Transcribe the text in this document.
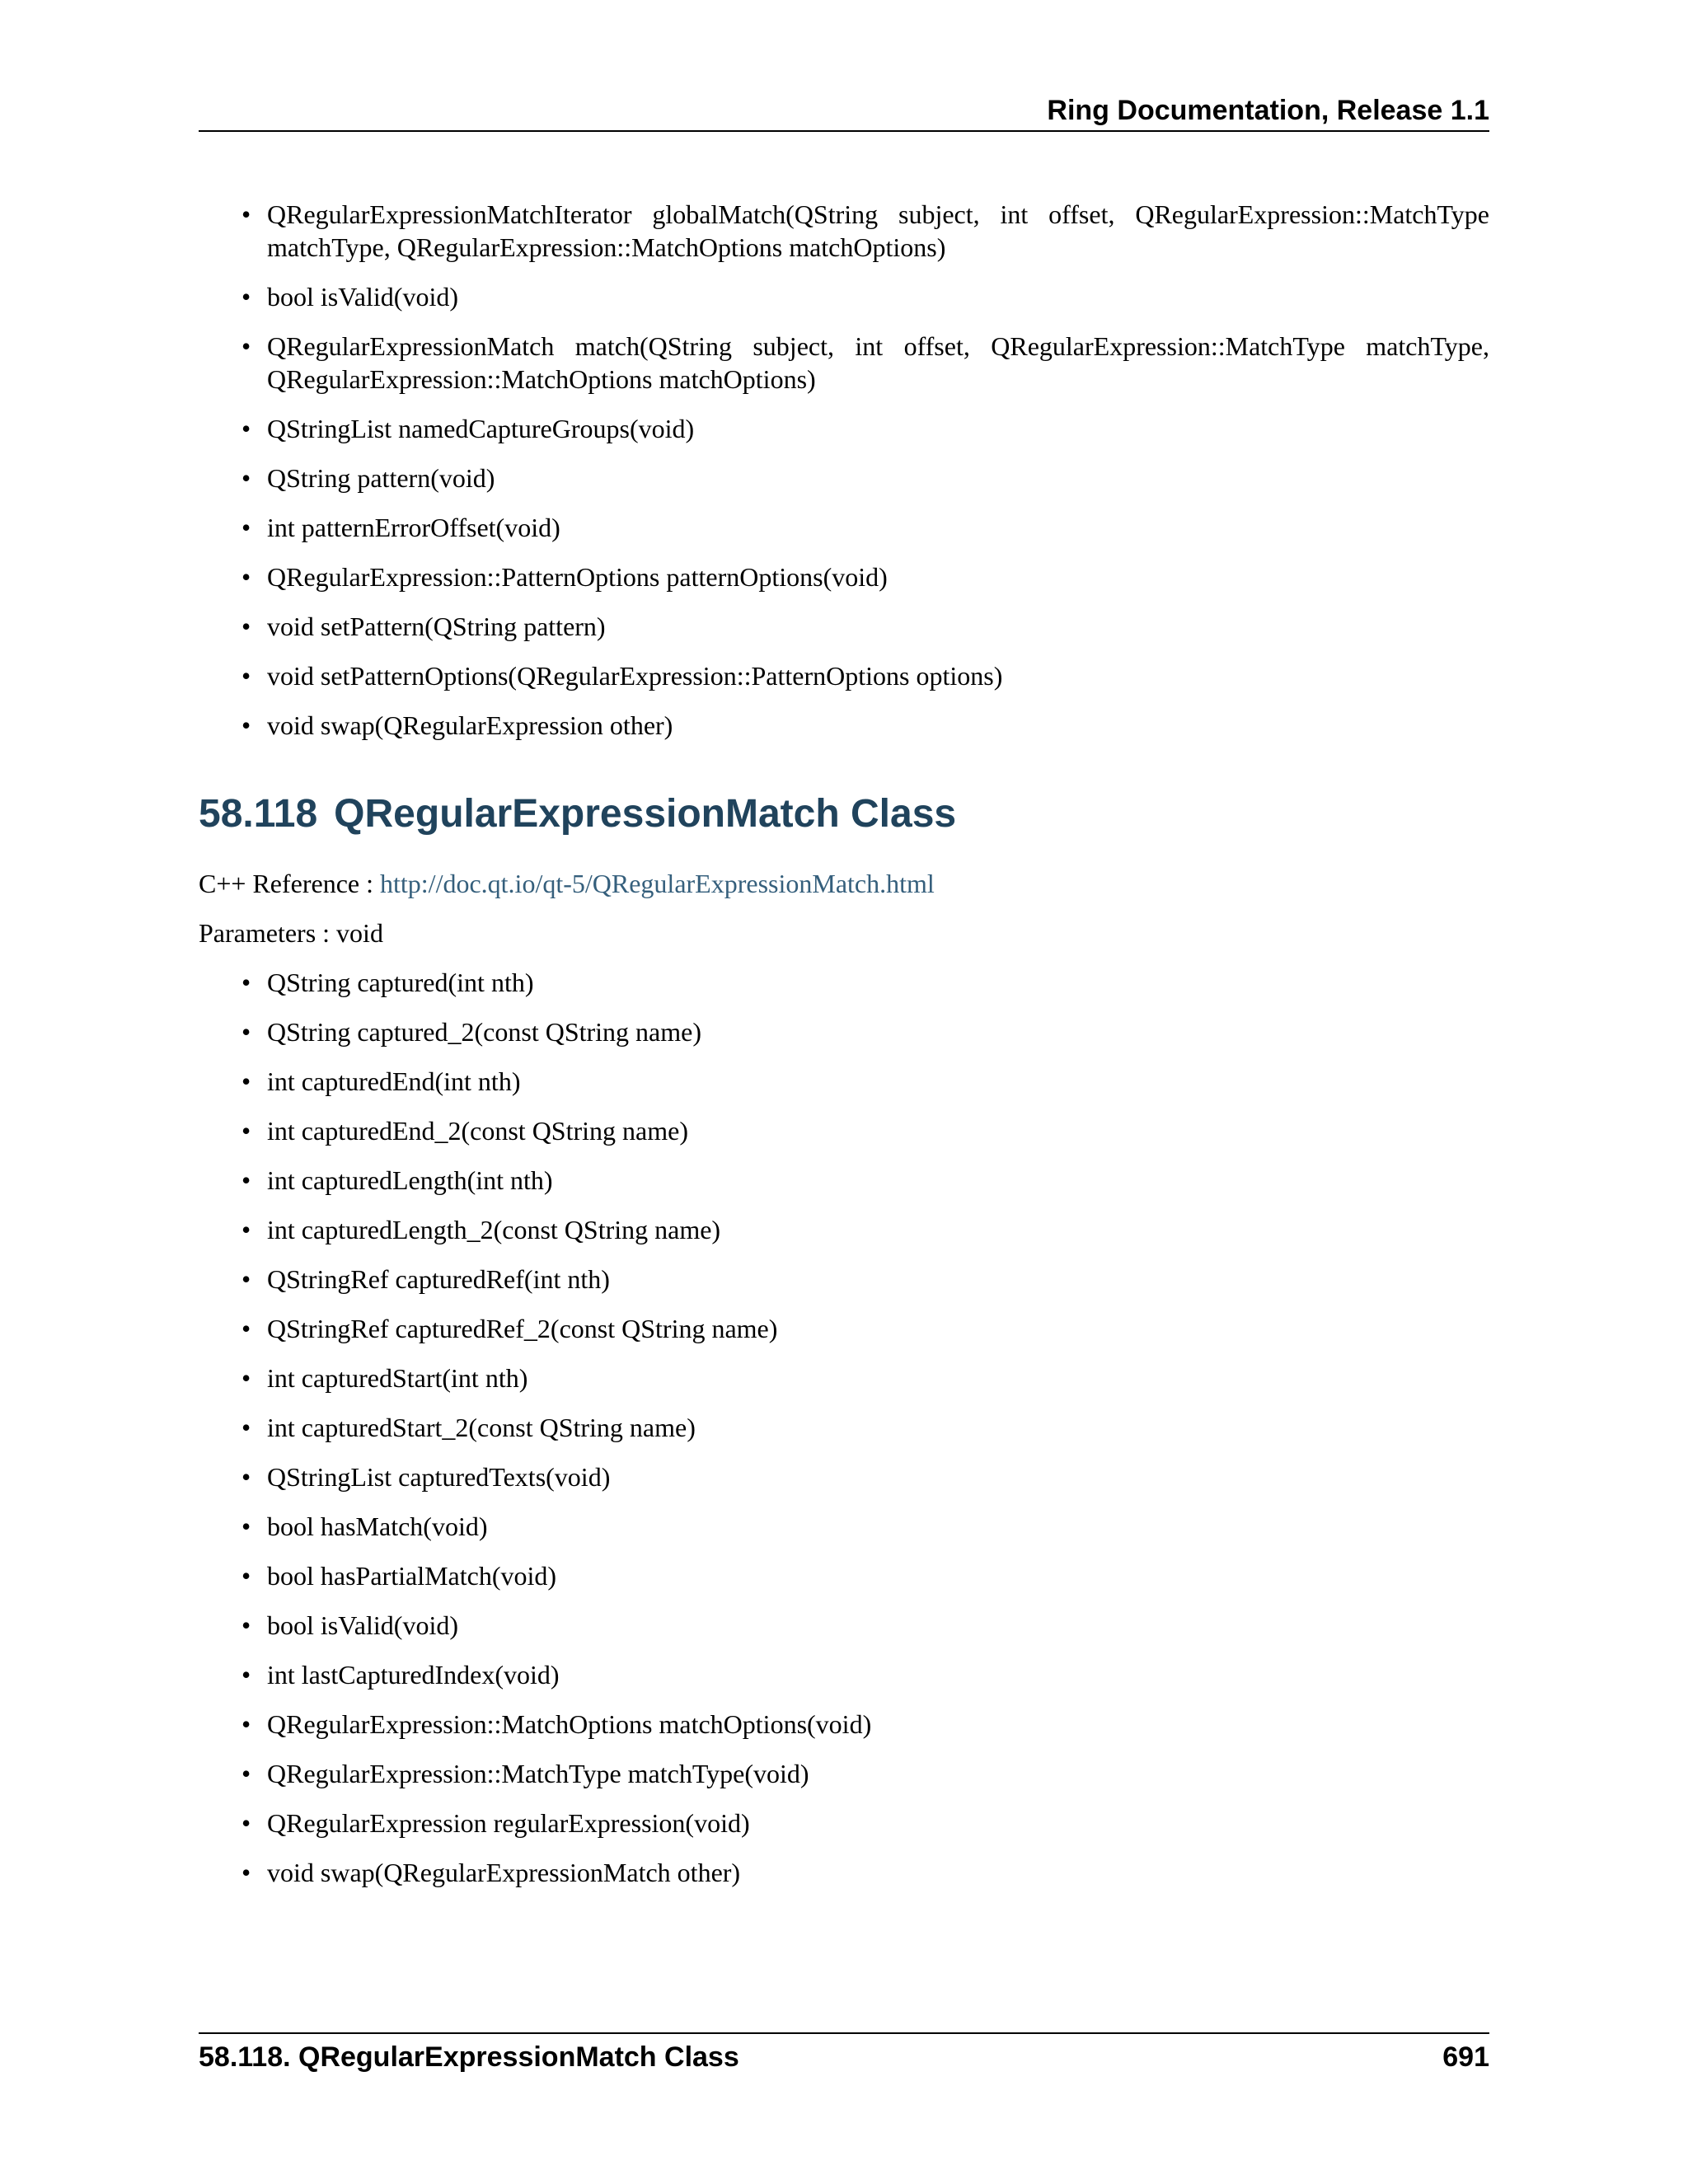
Ring Documentation, Release 1.1
• QRegularExpressionMatchIterator globalMatch(QString subject, int offset, QRegularExpression::MatchType matchType, QRegularExpression::MatchOptions matchOptions)
• bool isValid(void)
• QRegularExpressionMatch match(QString subject, int offset, QRegularExpression::MatchType matchType, QRegularExpression::MatchOptions matchOptions)
• QStringList namedCaptureGroups(void)
• QString pattern(void)
• int patternErrorOffset(void)
• QRegularExpression::PatternOptions patternOptions(void)
• void setPattern(QString pattern)
• void setPatternOptions(QRegularExpression::PatternOptions options)
• void swap(QRegularExpression other)
58.118 QRegularExpressionMatch Class

C++ Reference : http://doc.qt.io/qt-5/QRegularExpressionMatch.html

Parameters : void

• QString captured(int nth)
• QString captured_2(const QString name)
• int capturedEnd(int nth)
• int capturedEnd_2(const QString name)
• int capturedLength(int nth)
• int capturedLength_2(const QString name)
• QStringRef capturedRef(int nth)
• QStringRef capturedRef_2(const QString name)
• int capturedStart(int nth)
• int capturedStart_2(const QString name)
• QStringList capturedTexts(void)
• bool hasMatch(void)
• bool hasPartialMatch(void)
• bool isValid(void)
• int lastCapturedIndex(void)
• QRegularExpression::MatchOptions matchOptions(void)
• QRegularExpression::MatchType matchType(void)
• QRegularExpression regularExpression(void)
• void swap(QRegularExpressionMatch other)
58.118. QRegularExpressionMatch Class	691
